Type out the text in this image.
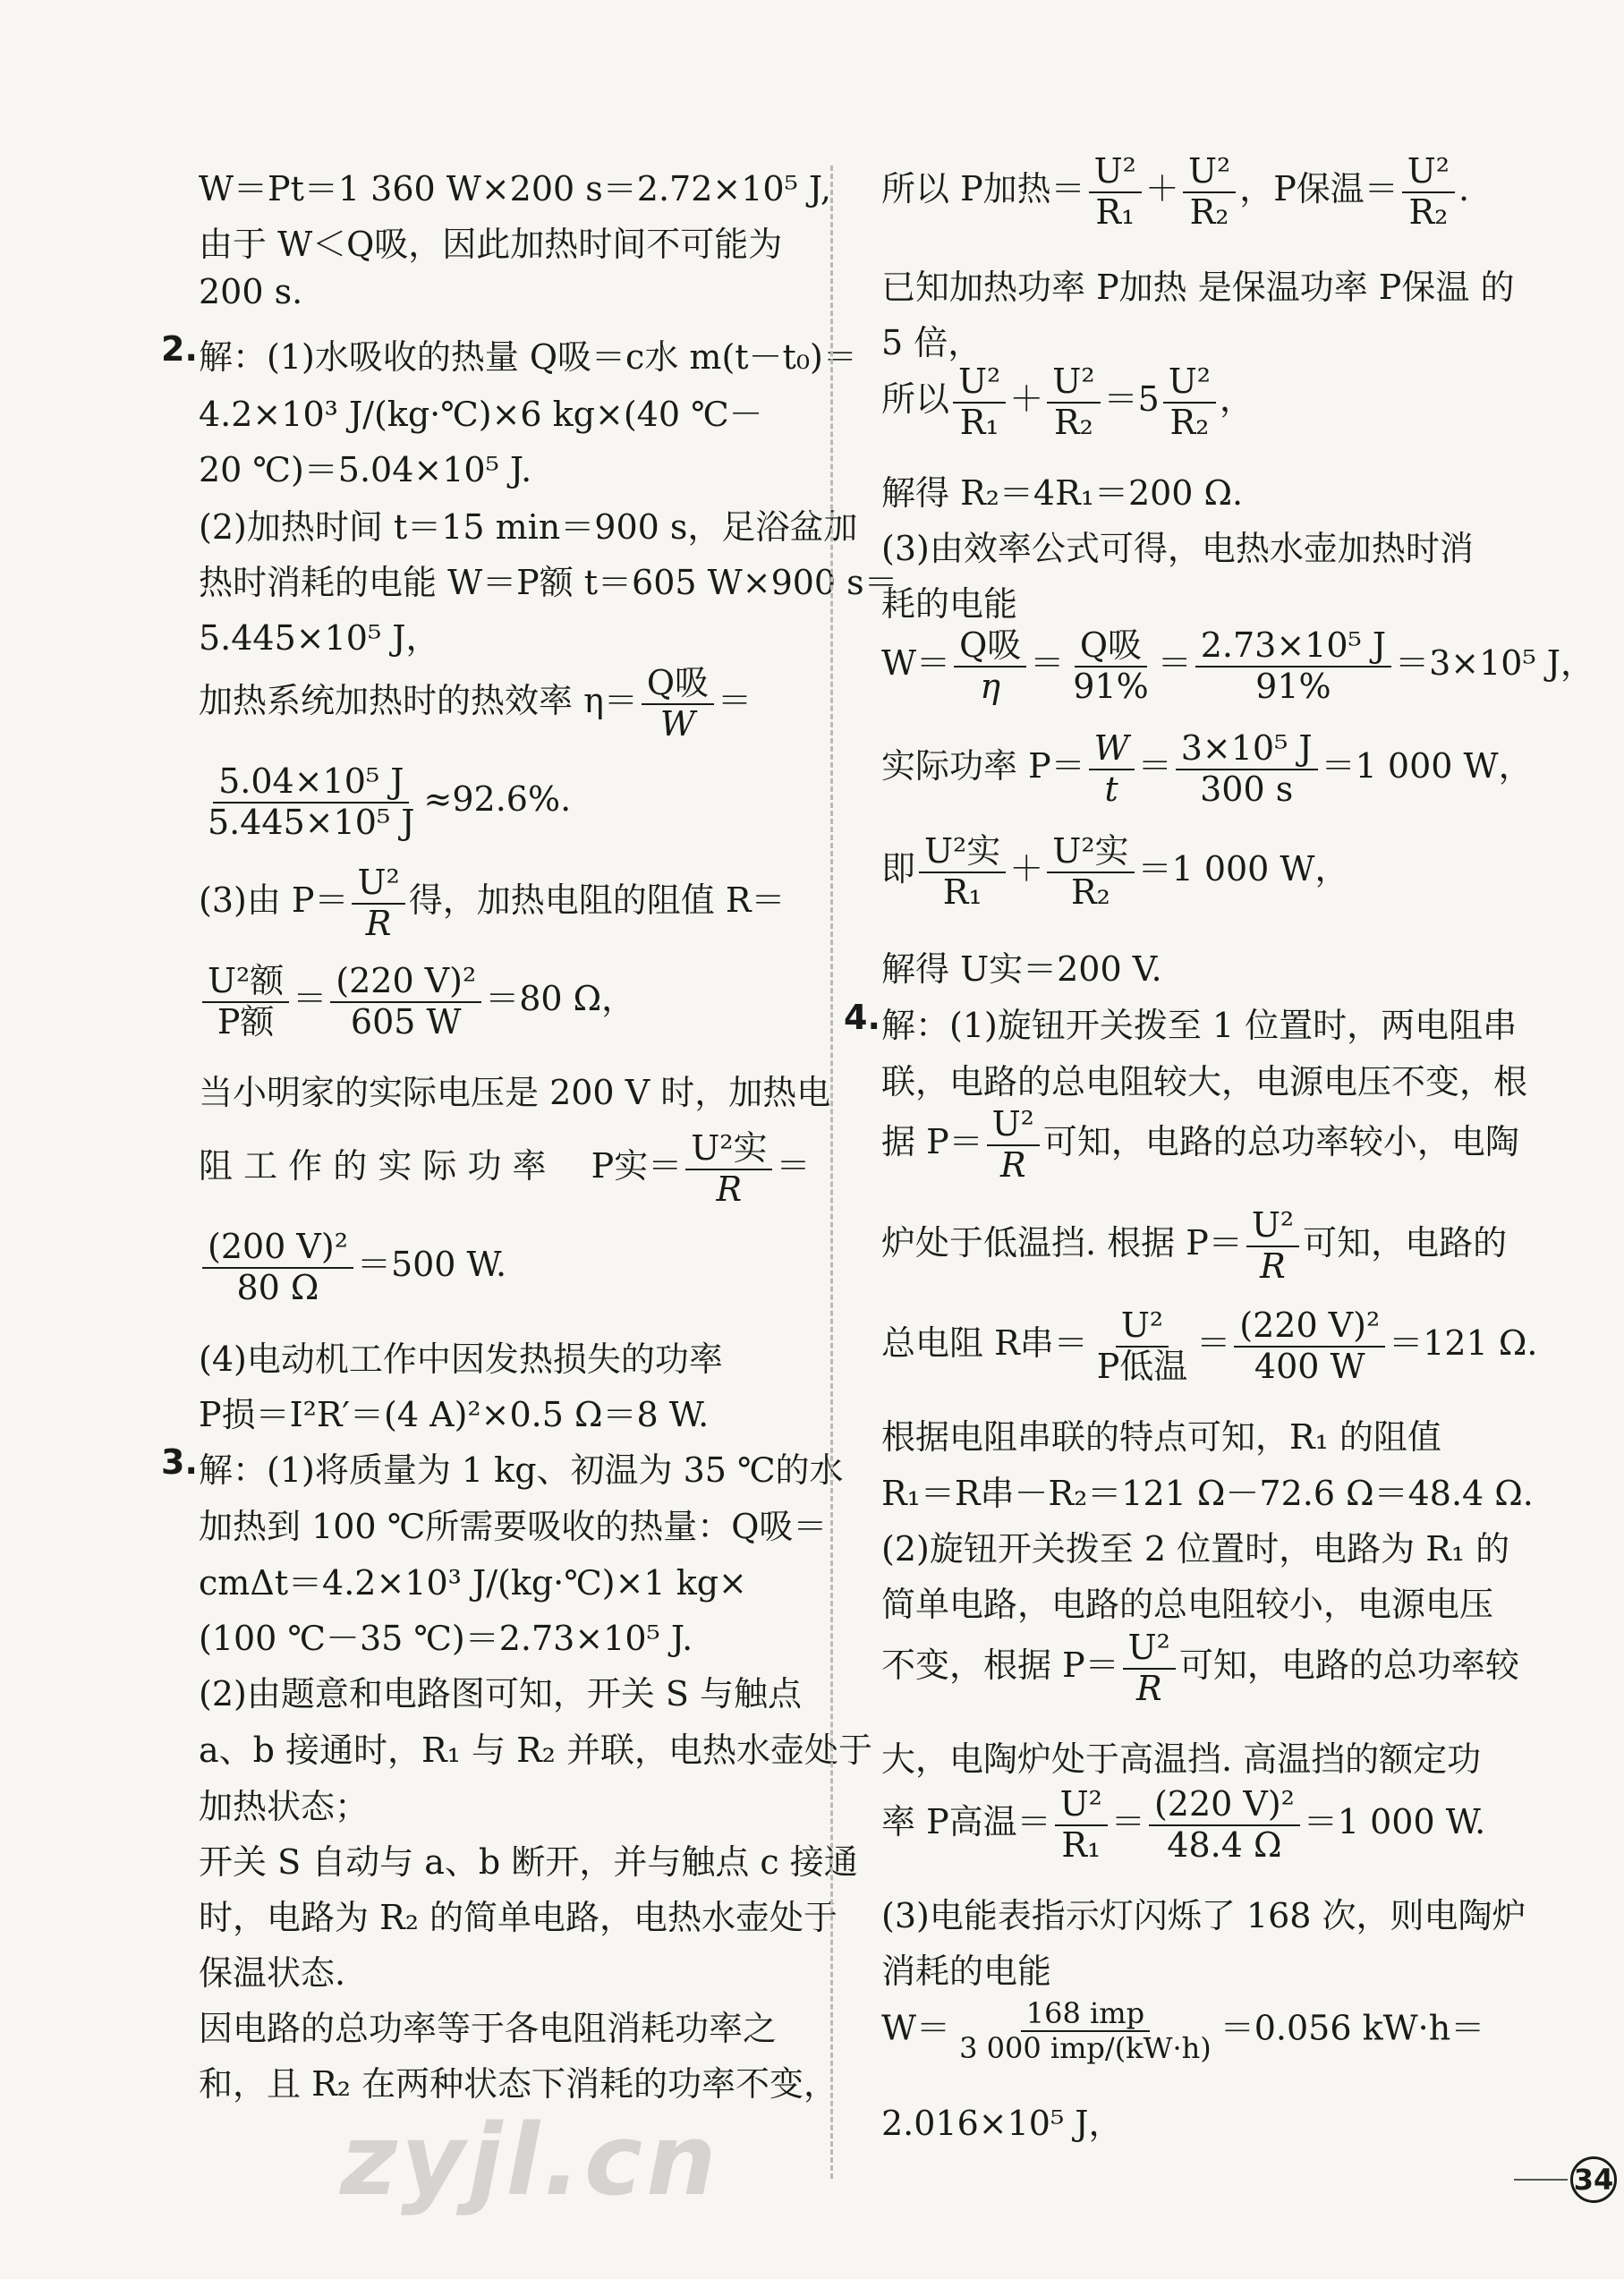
W＝Pt＝1 360 W×200 s＝2.72×10⁵ J,
由于 W＜Q吸，因此加热时间不可能为
200 s.
2. 解：(1)水吸收的热量 Q吸＝c水 m(t－t₀)＝
4.2×10³ J/(kg·℃)×6 kg×(40 ℃－
20 ℃)＝5.04×10⁵ J.
(2)加热时间 t＝15 min＝900 s，足浴盆加
热时消耗的电能 W＝P额 t＝605 W×900 s＝
5.445×10⁵ J，
加热系统加热时的热效率 $\eta= \frac{\text{Q吸}}{W}$ ＝
$\frac{\text{5.04×10⁵ J}}{\text{5.445×10⁵ J}} \approx 92.6\%$.
(3)由 $P= \frac{\text{U²}}{R}$ 得，加热电阻的阻值 R＝
$\frac{\text{U²额}}{\text{P额}} = \frac{\text{(220 V)²}}{605 W} =80$ Ω，
当小明家的实际电压是 200 V 时，加热电
阻 工 作 的 实 际 功 率　 P实＝ $\frac{\text{U²实}}{R}$ ＝
$\frac{\text{(200 V)²}}{80 \Omega} =500$ W.
(4)电动机工作中因发热损失的功率
P损＝I²R′＝(4 A)²×0.5 Ω＝8 W.
3. 解：(1)将质量为 1 kg、初温为 35 ℃的水
加热到 100 ℃所需要吸收的热量：Q吸＝
cmΔt＝4.2×10³ J/(kg·℃)×1 kg×
(100 ℃－35 ℃)＝2.73×10⁵ J.
(2)由题意和电路图可知，开关 S 与触点
a、b 接通时，R₁ 与 R₂ 并联，电热水壶处于
加热状态；
开关 S 自动与 a、b 断开，并与触点 c 接通
时，电路为 R₂ 的简单电路，电热水壶处于
保温状态.
因电路的总功率等于各电阻消耗功率之
和，且 R₂ 在两种状态下消耗的功率不变，
所以 P加热＝ $\frac{\text{U²}}{\text{R₁}} + \frac{\text{U²}}{\text{R₂}}$ ，P保温＝ $\frac{\text{U²}}{\text{R₂}}$ .
已知加热功率 P加热 是保温功率 P保温 的
5 倍，
所以 $\frac{\text{U²}}{\text{R₁}} + \frac{\text{U²}}{\text{R₂}} =5 \frac{\text{U²}}{\text{R₂}}$ ，
解得 R₂＝4R₁＝200 Ω.
(3)由效率公式可得，电热水壶加热时消
耗的电能
$W= \frac{\text{Q吸}}{\eta} = \frac{\text{Q吸}}{91\%} = \frac{\text{2.73×10⁵ J}}{91\%} =3\times 10^5$ J，
实际功率 $P= \frac{W}{t} = \frac{\text{3×10⁵ J}}{300 s} =1$ 000 W，
即 $\frac{\text{U²实}}{\text{R₁}} + \frac{\text{U²实}}{\text{R₂}} =1$ 000 W，
解得 U实＝200 V.
4. 解：(1)旋钮开关拨至 1 位置时，两电阻串
联，电路的总电阻较大，电源电压不变，根
据 $P= \frac{\text{U²}}{R}$ 可知，电路的总功率较小，电陶
炉处于低温挡. 根据 $P= \frac{\text{U²}}{R}$ 可知，电路的
总电阻 R串＝ $\frac{\text{U²}}{\text{P低温}} = \frac{\text{(220 V)²}}{400 W} =121$ Ω.
根据电阻串联的特点可知，R₁ 的阻值
R₁＝R串－R₂＝121 Ω－72.6 Ω＝48.4 Ω.
(2)旋钮开关拨至 2 位置时，电路为 R₁ 的
简单电路，电路的总电阻较小，电源电压
不变，根据 $P= \frac{\text{U²}}{R}$ 可知，电路的总功率较
大，电陶炉处于高温挡. 高温挡的额定功
率 P高温＝ $\frac{\text{U²}}{\text{R₁}} = \frac{\text{(220 V)²}}{48.4 \Omega} =1$ 000 W.
(3)电能表指示灯闪烁了 168 次，则电陶炉
消耗的电能
$W= \frac{\text{168 imp}}{\text{3 000 imp/(kW·h)}} =0.056$ kW·h＝
2.016×10⁵ J，
zyjl.cn	34
